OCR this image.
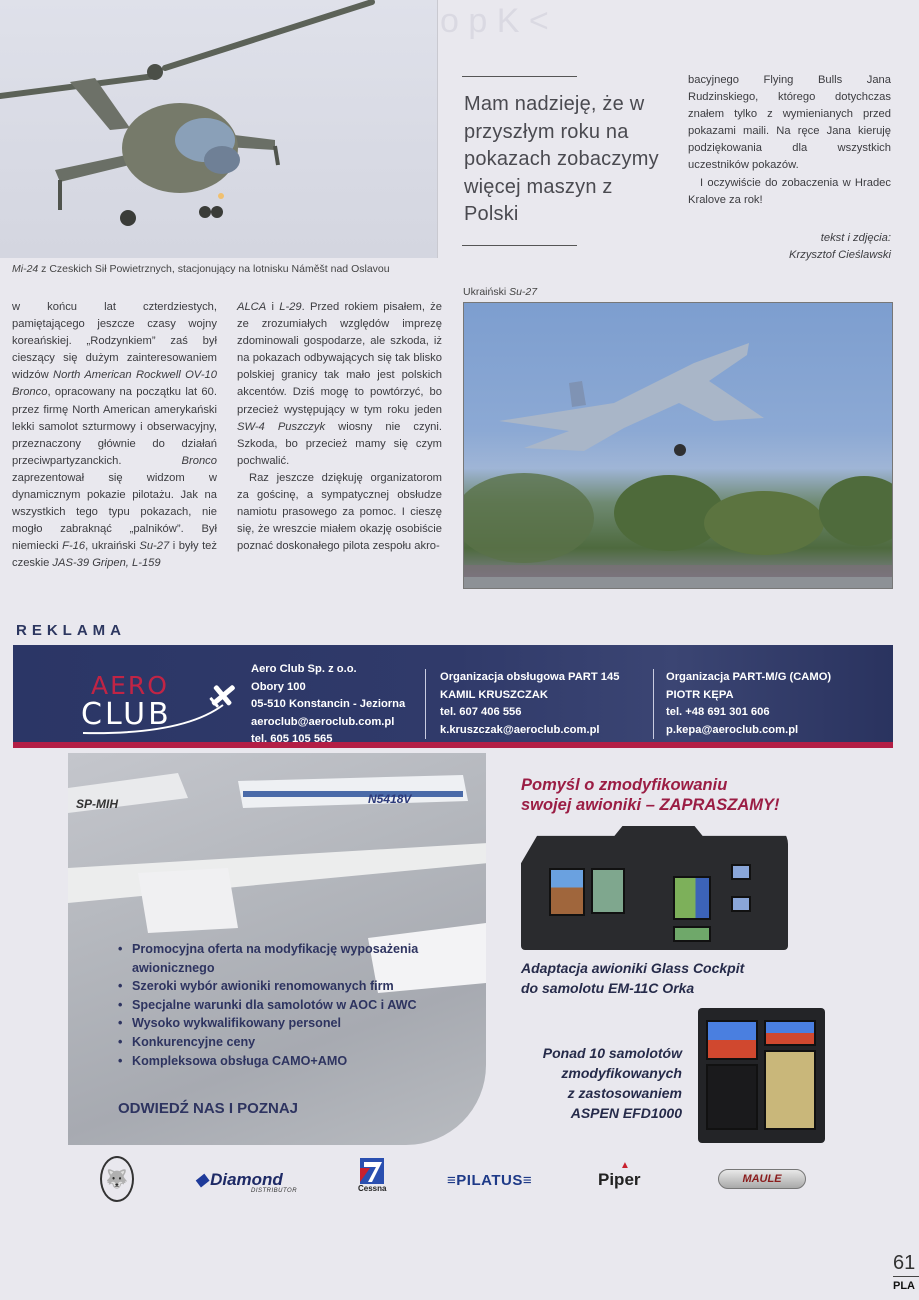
o p K <
Mi-24 z Czeskich Sił Powietrznych, stacjonujący na lotnisku Náměšt nad Oslavou
Mam nadzieję, że w przyszłym roku na pokazach zobaczymy więcej maszyn z Polski

bacyjnego Flying Bulls Jana Rudzinskiego, którego dotychczas znałem tylko z wymienianych przed pokazami maili. Na ręce Jana kieruję podziękowania dla wszystkich uczestników pokazów.

I oczywiście do zobaczenia w Hradec Kralove za rok!

tekst i zdjęcia:
Krzysztof Cieślawski

w końcu lat czterdziestych, pamiętającego jeszcze czasy wojny koreańskiej. „Rodzynkiem” zaś był cieszący się dużym zainteresowaniem widzów North American Rockwell OV-10 Bronco, opracowany na początku lat 60. przez firmę North American amerykański lekki samolot szturmowy i obserwacyjny, przeznaczony głównie do działań przeciwpartyzanckich. Bronco zaprezentował się widzom w dynamicznym pokazie pilotażu. Jak na wszystkich tego typu pokazach, nie mogło zabraknąć „palników”. Był niemiecki F-16, ukraiński Su-27 i były też czeskie JAS-39 Gripen, L-159

ALCA i L-29. Przed rokiem pisałem, że ze zrozumiałych względów imprezę zdominowali gospodarze, ale szkoda, iż na pokazach odbywających się tak blisko polskiej granicy tak mało jest polskich akcentów. Dziś mogę to powtórzyć, bo przecież występujący w tym roku jeden SW-4 Puszczyk wiosny nie czyni. Szkoda, bo przecież mamy się czym pochwalić.

Raz jeszcze dziękuję organizatorom za gościnę, a sympatycznej obsłudze namiotu prasowego za pomoc. I cieszę się, że wreszcie miałem okazję osobiście poznać doskonałego pilota zespołu akro-

Ukraiński Su-27
REKLAMA
AERO
CLUB
Aero Club Sp. z o.o.
Obory 100
05-510 Konstancin - Jeziorna
aeroclub@aeroclub.com.pl
tel. 605 105 565
Organizacja obsługowa PART 145
KAMIL KRUSZCZAK
tel. 607 406 556
k.kruszczak@aeroclub.com.pl
Organizacja PART-M/G (CAMO)
PIOTR KĘPA
tel. +48 691 301 606
p.kepa@aeroclub.com.pl
SP-MIH	N5418V
• Promocyjna oferta na modyfikację wyposażenia awionicznego
• Szeroki wybór awioniki renomowanych firm
• Specjalne warunki dla samolotów w AOC i AWC
• Wysoko wykwalifikowany personel
• Konkurencyjne ceny
• Kompleksowa obsługa CAMO+AMO
ODWIEDŹ NAS I POZNAJ
Pomyśl o zmodyfikowaniu
swojej awioniki – ZAPRASZAMY!
Adaptacja awioniki Glass Cockpit
do samolotu EM-11C Orka
Ponad 10 samolotów
zmodyfikowanych
z zastosowaniem
ASPEN EFD1000
🐺	◆ Diamond
DISTRIBUTOR	Cessna	≡ PILATUS ≡	Piper
▲
MAULE
61
PLA
